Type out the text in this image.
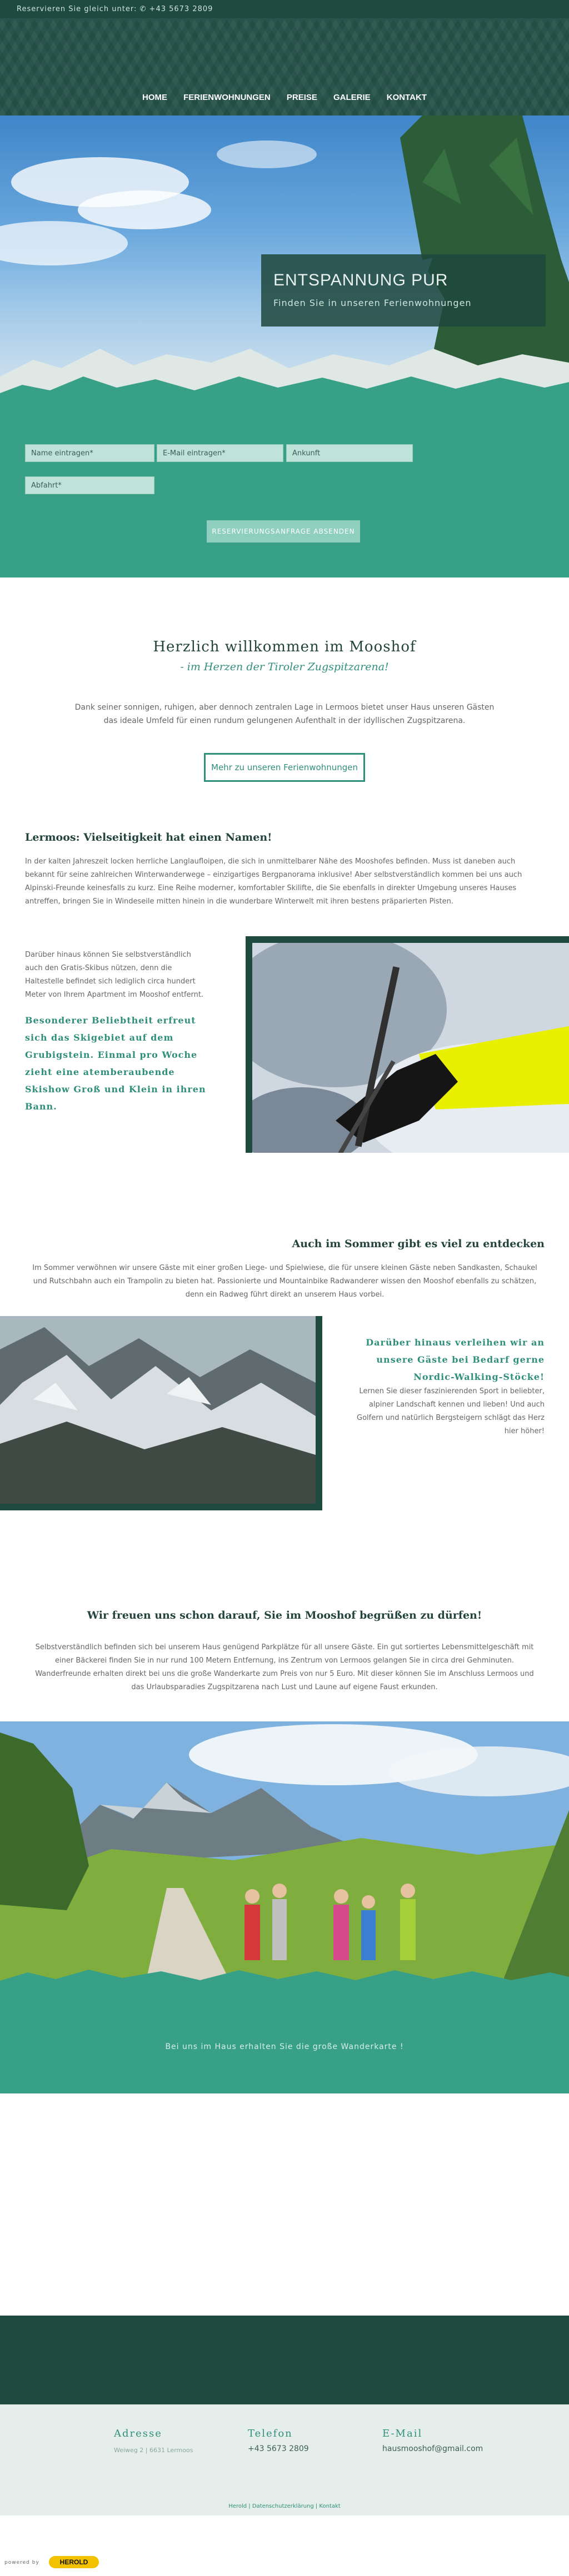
Reservieren Sie gleich unter: ✆ +43 5673 2809
HOME FERIENWOHNUNGEN PREISE GALERIE KONTAKT
ENTSPANNUNG PUR
Finden Sie in unseren Ferienwohnungen
Name eintragen*	E-Mail eintragen*	Ankunft
Abfahrt*
RESERVIERUNGSANFRAGE ABSENDEN
Herzlich willkommen im Mooshof
- im Herzen der Tiroler Zugspitzarena!
Dank seiner sonnigen, ruhigen, aber dennoch zentralen Lage in Lermoos bietet unser Haus unseren Gästen das ideale Umfeld für einen rundum gelungenen Aufenthalt in der idyllischen Zugspitzarena.
Mehr zu unseren Ferienwohnungen
Lermoos: Vielseitigkeit hat einen Namen!
In der kalten Jahreszeit locken herrliche Langlaufloipen, die sich in unmittelbarer Nähe des Mooshofes befinden. Muss ist daneben auch bekannt für seine zahlreichen Winterwanderwege – einzigartiges Bergpanorama inklusive! Aber selbstverständlich kommen bei uns auch Alpinski-Freunde keinesfalls zu kurz. Eine Reihe moderner, komfortabler Skilifte, die Sie ebenfalls in direkter Umgebung unseres Hauses antreffen, bringen Sie in Windeseile mitten hinein in die wunderbare Winterwelt mit ihren bestens präparierten Pisten.
Darüber hinaus können Sie selbstverständlich auch den Gratis-Skibus nützen, denn die Haltestelle befindet sich lediglich circa hundert Meter von Ihrem Apartment im Mooshof entfernt.
Besonderer Beliebtheit erfreut sich das Skigebiet auf dem Grubigstein. Einmal pro Woche zieht eine atemberaubende Skishow Groß und Klein in ihren Bann.
Auch im Sommer gibt es viel zu entdecken
Im Sommer verwöhnen wir unsere Gäste mit einer großen Liege- und Spielwiese, die für unsere kleinen Gäste neben Sandkasten, Schaukel und Rutschbahn auch ein Trampolin zu bieten hat. Passionierte und Mountainbike Radwanderer wissen den Mooshof ebenfalls zu schätzen, denn ein Radweg führt direkt an unserem Haus vorbei.
Darüber hinaus verleihen wir an unsere Gäste bei Bedarf gerne Nordic-Walking-Stöcke!
Lernen Sie dieser faszinierenden Sport in beliebter, alpiner Landschaft kennen und lieben! Und auch Golfern und natürlich Bergsteigern schlägt das Herz hier höher!
Wir freuen uns schon darauf, Sie im Mooshof begrüßen zu dürfen!
Selbstverständlich befinden sich bei unserem Haus genügend Parkplätze für all unsere Gäste. Ein gut sortiertes Lebensmittelgeschäft mit einer Bäckerei finden Sie in nur rund 100 Metern Entfernung, ins Zentrum von Lermoos gelangen Sie in circa drei Gehminuten. Wanderfreunde erhalten direkt bei uns die große Wanderkarte zum Preis von nur 5 Euro. Mit dieser können Sie im Anschluss Lermoos und das Urlaubsparadies Zugspitzarena nach Lust und Laune auf eigene Faust erkunden.
Bei uns im Haus erhalten Sie die große Wanderkarte !
Adresse
Weiweg 2 | 6631 Lermoos
Telefon
+43 5673 2809
E-Mail
hausmooshof@gmail.com
Herold | Datenschutzerklärung | Kontakt
powered by	HEROLD
